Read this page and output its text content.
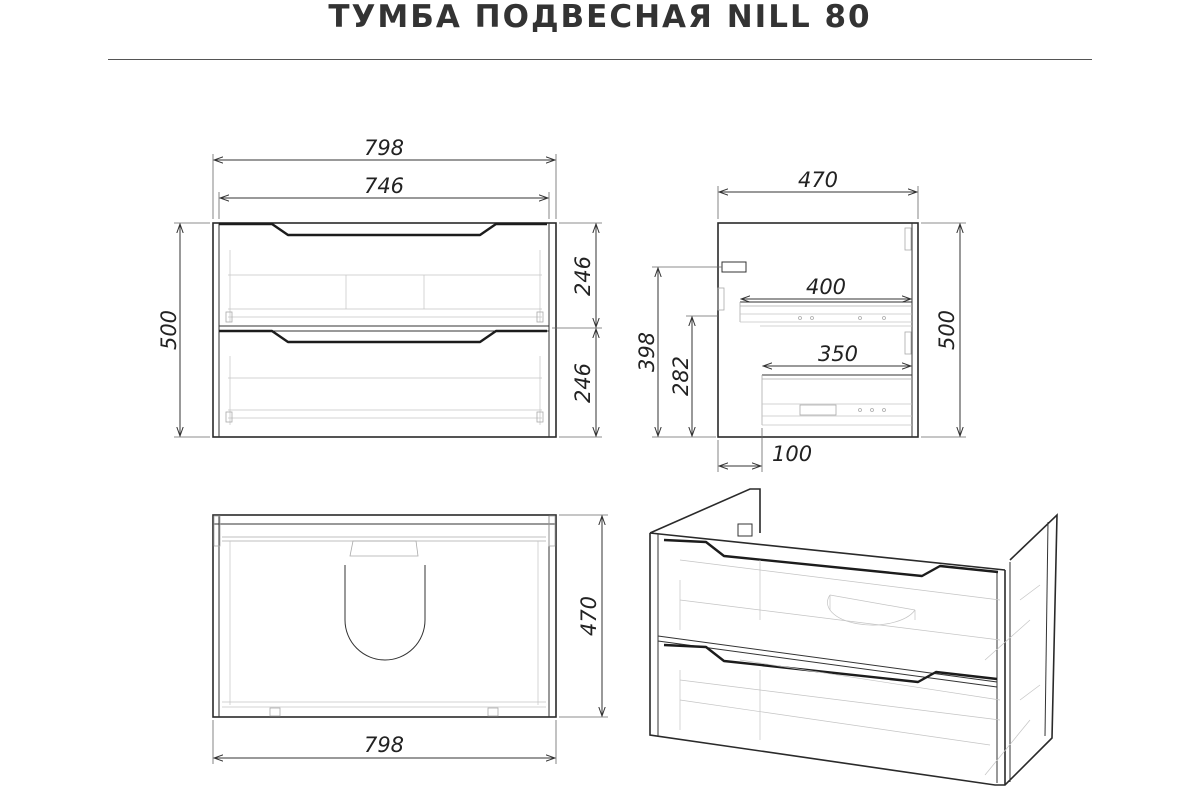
ТУМБА ПОДВЕСНАЯ NILL 80
798
746
500
246
246
470
500
400
350
398
282
100
470
798
